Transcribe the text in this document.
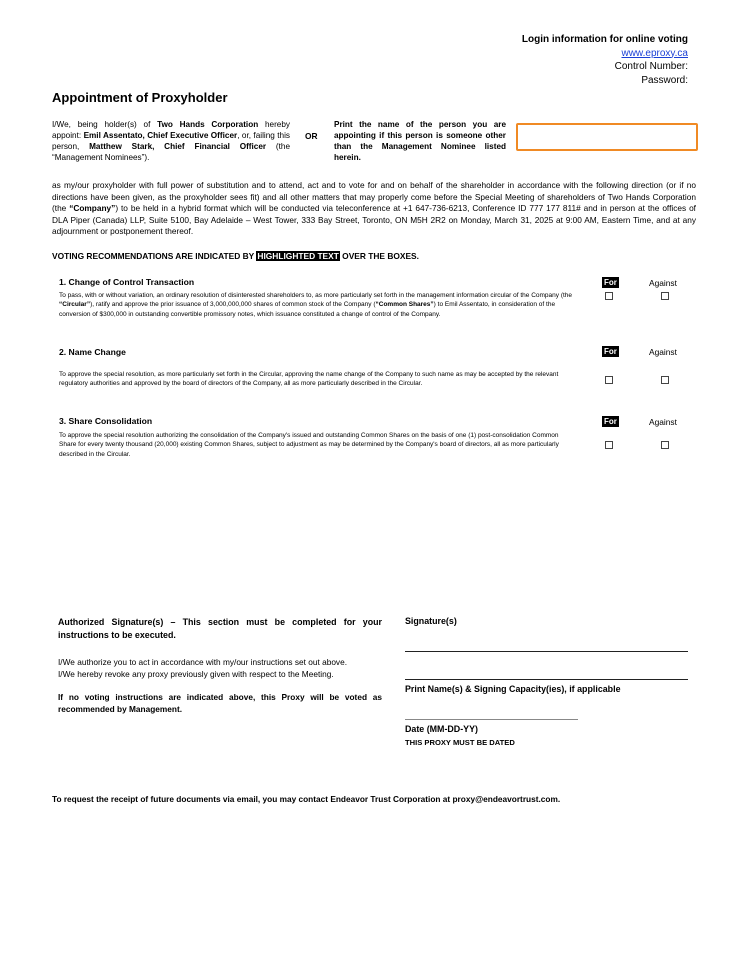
Login information for online voting
www.eproxy.ca
Control Number:
Password:
Appointment of Proxyholder
I/We, being holder(s) of Two Hands Corporation hereby appoint: Emil Assentato, Chief Executive Officer, or, failing this person, Matthew Stark, Chief Financial Officer (the “Management Nominees”).
OR
Print the name of the person you are appointing if this person is someone other than the Management Nominee listed herein.
as my/our proxyholder with full power of substitution and to attend, act and to vote for and on behalf of the shareholder in accordance with the following direction (or if no directions have been given, as the proxyholder sees fit) and all other matters that may properly come before the Special Meeting of shareholders of Two Hands Corporation (the “Company”) to be held in a hybrid format which will be conducted via teleconference at +1 647-736-6213, Conference ID 777 177 811# and in person at the offices of DLA Piper (Canada) LLP, Suite 5100, Bay Adelaide – West Tower, 333 Bay Street, Toronto, ON M5H 2R2 on Monday, March 31, 2025 at 9:00 AM, Eastern Time, and at any adjournment or postponement thereof.
VOTING RECOMMENDATIONS ARE INDICATED BY HIGHLIGHTED TEXT OVER THE BOXES.
1. Change of Control Transaction
To pass, with or without variation, an ordinary resolution of disinterested shareholders to, as more particularly set forth in the management information circular of the Company (the “Circular”), ratify and approve the prior issuance of 3,000,000,000 shares of common stock of the Company (“Common Shares”) to Emil Assentato, in consideration of the conversion of $300,000 in outstanding convertible promissory notes, which issuance constituted a change of control of the Company.
For	Against
2. Name Change
To approve the special resolution, as more particularly set forth in the Circular, approving the name change of the Company to such name as may be accepted by the relevant regulatory authorities and approved by the board of directors of the Company, all as more particularly described in the Circular.
For	Against
3. Share Consolidation
To approve the special resolution authorizing the consolidation of the Company's issued and outstanding Common Shares on the basis of one (1) post-consolidation Common Share for every twenty thousand (20,000) existing Common Shares, subject to adjustment as may be determined by the Company's board of directors, all as more particularly described in the Circular.
For	Against
Authorized Signature(s) – This section must be completed for your instructions to be executed.
I/We authorize you to act in accordance with my/our instructions set out above.
I/We hereby revoke any proxy previously given with respect to the Meeting.
If no voting instructions are indicated above, this Proxy will be voted as recommended by Management.
Signature(s)
Print Name(s) & Signing Capacity(ies), if applicable
Date (MM-DD-YY)
THIS PROXY MUST BE DATED
To request the receipt of future documents via email, you may contact Endeavor Trust Corporation at proxy@endeavortrust.com.
